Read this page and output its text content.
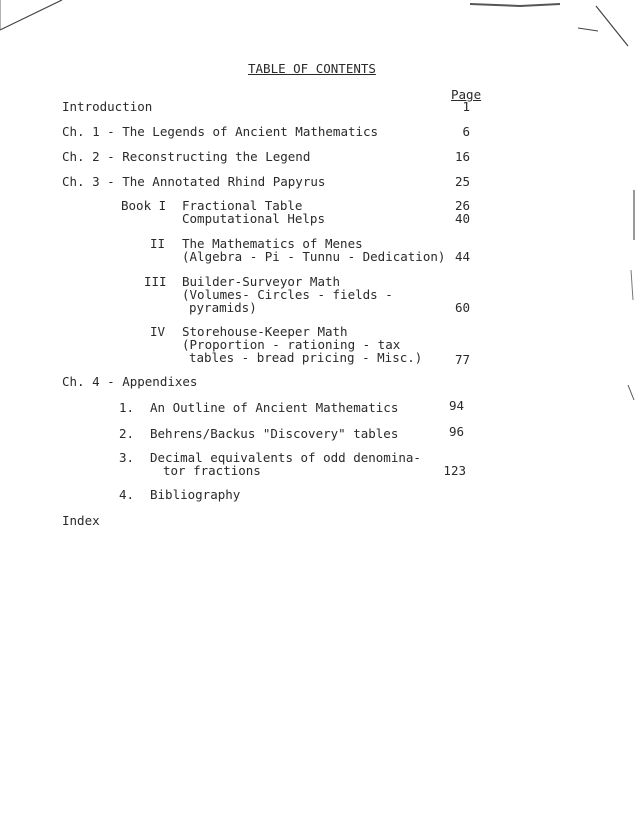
TABLE OF CONTENTS
Page
Introduction	1
Ch. 1 - The Legends of Ancient Mathematics	6
Ch. 2 - Reconstructing the Legend	16
Ch. 3 - The Annotated Rhind Papyrus	25
Book I Fractional Table	26
Computational Helps	40
II The Mathematics of Menes
(Algebra - Pi - Tunnu - Dedication) 44
III Builder-Surveyor Math
(Volumes- Circles - fields -
pyramids)	60
IV Storehouse-Keeper Math
(Proportion - rationing - tax
tables - bread pricing - Misc.)	77
Ch. 4 - Appendixes
1. An Outline of Ancient Mathematics	94
2. Behrens/Backus "Discovery" tables	96
3. Decimal equivalents of odd denomina-
tor fractions	123
4. Bibliography
Index
